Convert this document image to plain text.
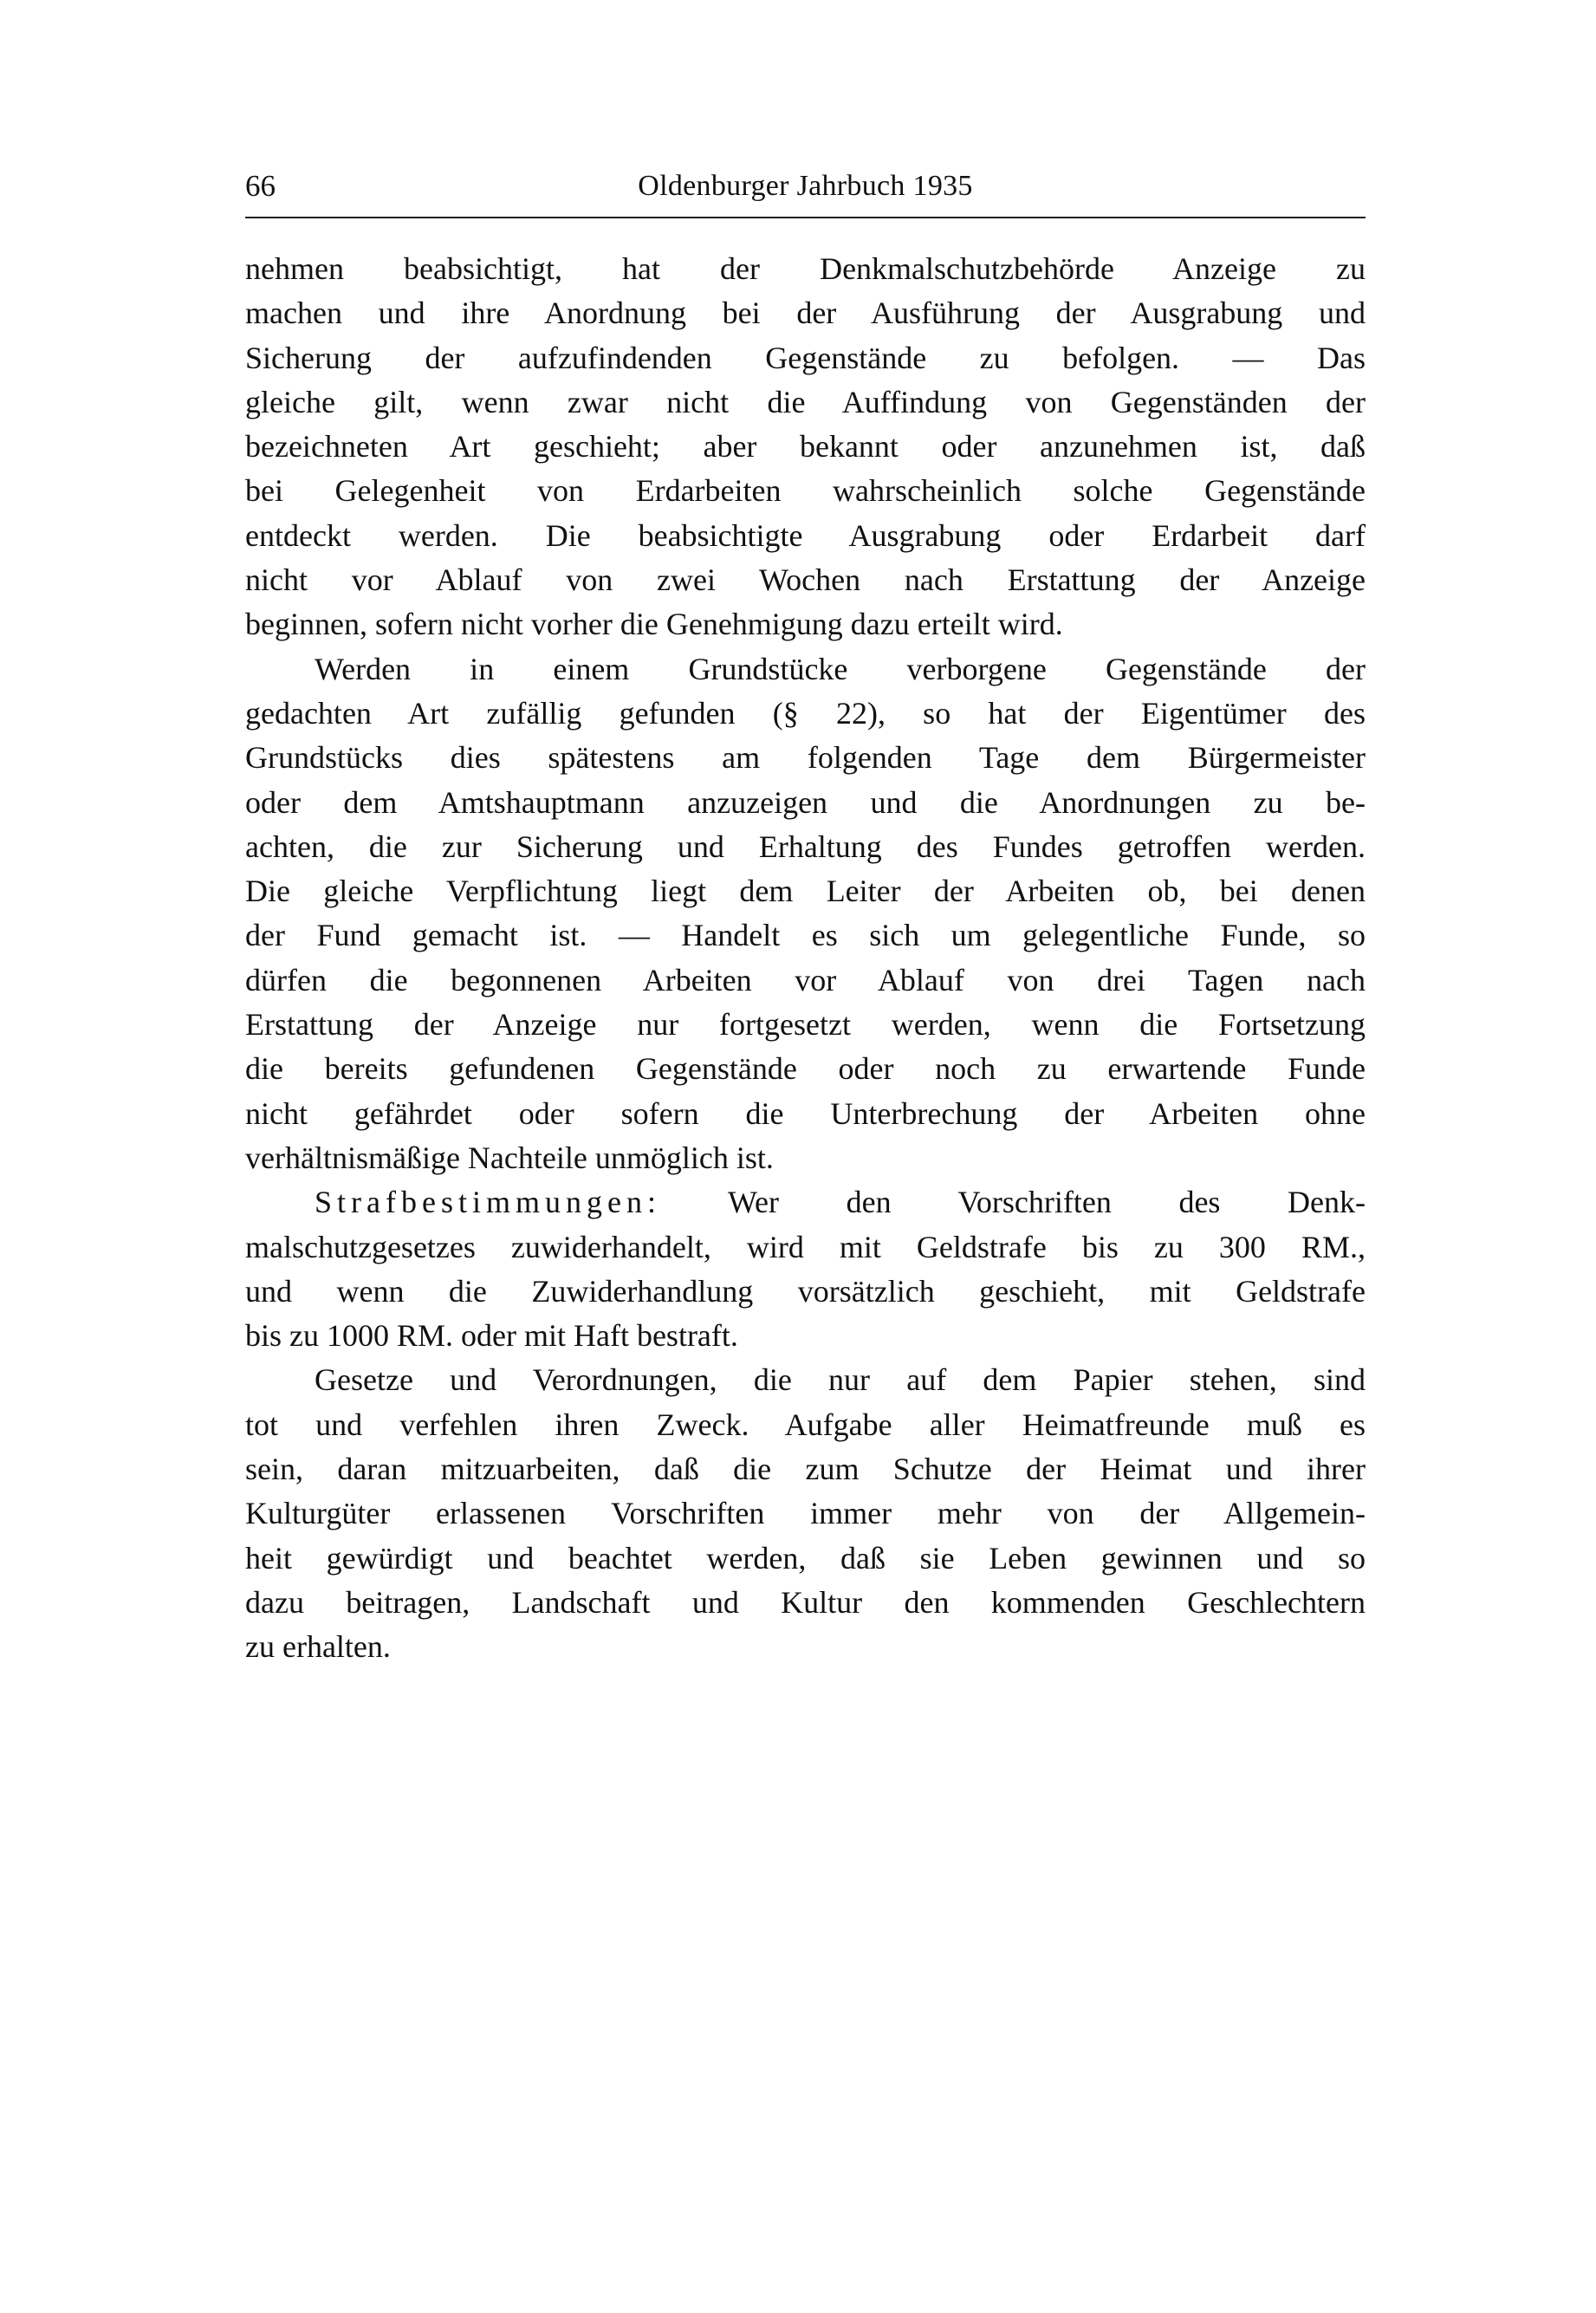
66	Oldenburger Jahrbuch 1935
nehmen beabsichtigt, hat der Denkmalschutzbehörde Anzeige zu
machen und ihre Anordnung bei der Ausführung der Ausgrabung und
Sicherung der aufzufindenden Gegenstände zu befolgen. — Das
gleiche gilt, wenn zwar nicht die Auffindung von Gegenständen der
bezeichneten Art geschieht; aber bekannt oder anzunehmen ist, daß
bei Gelegenheit von Erdarbeiten wahrscheinlich solche Gegenstände
entdeckt werden. Die beabsichtigte Ausgrabung oder Erdarbeit darf
nicht vor Ablauf von zwei Wochen nach Erstattung der Anzeige
beginnen, sofern nicht vorher die Genehmigung dazu erteilt wird.
Werden in einem Grundstücke verborgene Gegenstände der
gedachten Art zufällig gefunden (§ 22), so hat der Eigentümer des
Grundstücks dies spätestens am folgenden Tage dem Bürgermeister
oder dem Amtshauptmann anzuzeigen und die Anordnungen zu be-
achten, die zur Sicherung und Erhaltung des Fundes getroffen werden.
Die gleiche Verpflichtung liegt dem Leiter der Arbeiten ob, bei denen
der Fund gemacht ist. — Handelt es sich um gelegentliche Funde, so
dürfen die begonnenen Arbeiten vor Ablauf von drei Tagen nach
Erstattung der Anzeige nur fortgesetzt werden, wenn die Fortsetzung
die bereits gefundenen Gegenstände oder noch zu erwartende Funde
nicht gefährdet oder sofern die Unterbrechung der Arbeiten ohne
verhältnismäßige Nachteile unmöglich ist.
Strafbestimmungen: Wer den Vorschriften des Denk-
malschutzgesetzes zuwiderhandelt, wird mit Geldstrafe bis zu 300 RM.,
und wenn die Zuwiderhandlung vorsätzlich geschieht, mit Geldstrafe
bis zu 1000 RM. oder mit Haft bestraft.
Gesetze und Verordnungen, die nur auf dem Papier stehen, sind
tot und verfehlen ihren Zweck. Aufgabe aller Heimatfreunde muß es
sein, daran mitzuarbeiten, daß die zum Schutze der Heimat und ihrer
Kulturgüter erlassenen Vorschriften immer mehr von der Allgemein-
heit gewürdigt und beachtet werden, daß sie Leben gewinnen und so
dazu beitragen, Landschaft und Kultur den kommenden Geschlechtern
zu erhalten.
